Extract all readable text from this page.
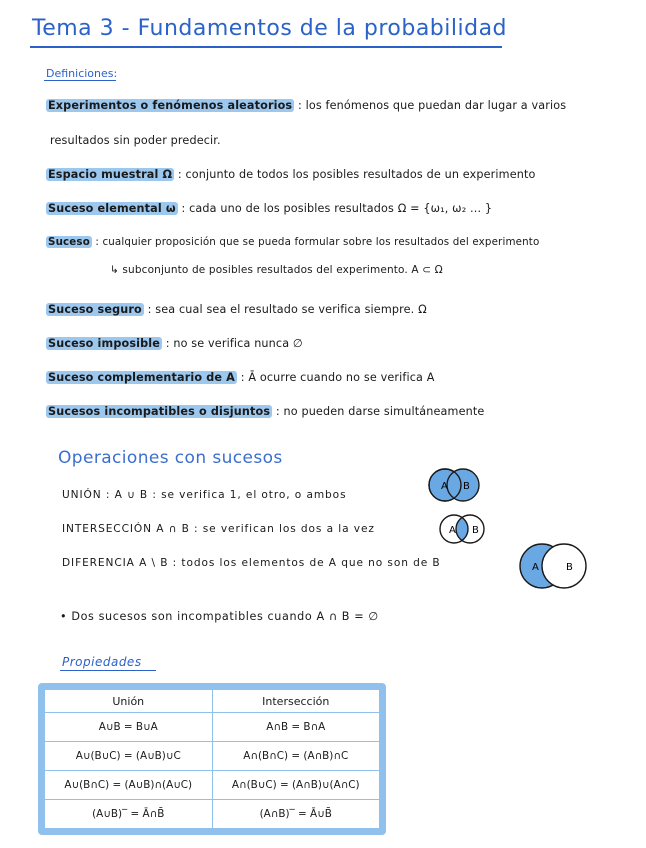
Tema 3 - Fundamentos de la probabilidad
Definiciones:
Experimentos o fenómenos aleatorios : los fenómenos que puedan dar lugar a varios
resultados sin poder predecir.
Espacio muestral Ω : conjunto de todos los posibles resultados de un experimento
Suceso elemental ω : cada uno de los posibles resultados Ω = {ω₁, ω₂ ... }
Suceso : cualquier proposición que se pueda formular sobre los resultados del experimento
↳ subconjunto de posibles resultados del experimento. A ⊂ Ω
Suceso seguro : sea cual sea el resultado se verifica siempre. Ω
Suceso imposible : no se verifica nunca ∅
Suceso complementario de A : Ā ocurre cuando no se verifica A
Sucesos incompatibles o disjuntos : no pueden darse simultáneamente
Operaciones con sucesos
UNIÓN : A ∪ B : se verifica 1, el otro, o ambos
INTERSECCIÓN A ∩ B : se verifican los dos a la vez
DIFERENCIA A \ B : todos los elementos de A que no son de B
A B
A B
A	B
• Dos sucesos son incompatibles cuando A ∩ B = ∅
Propiedades
Unión	Intersección
A∪B = B∪A	A∩B = B∩A
A∪(B∪C) = (A∪B)∪C	A∩(B∩C) = (A∩B)∩C
A∪(B∩C) = (A∪B)∩(A∪C)	A∩(B∪C) = (A∩B)∪(A∩C)
(A∪B)‾ = Ā∩B̄	(A∩B)‾ = Ā∪B̄
